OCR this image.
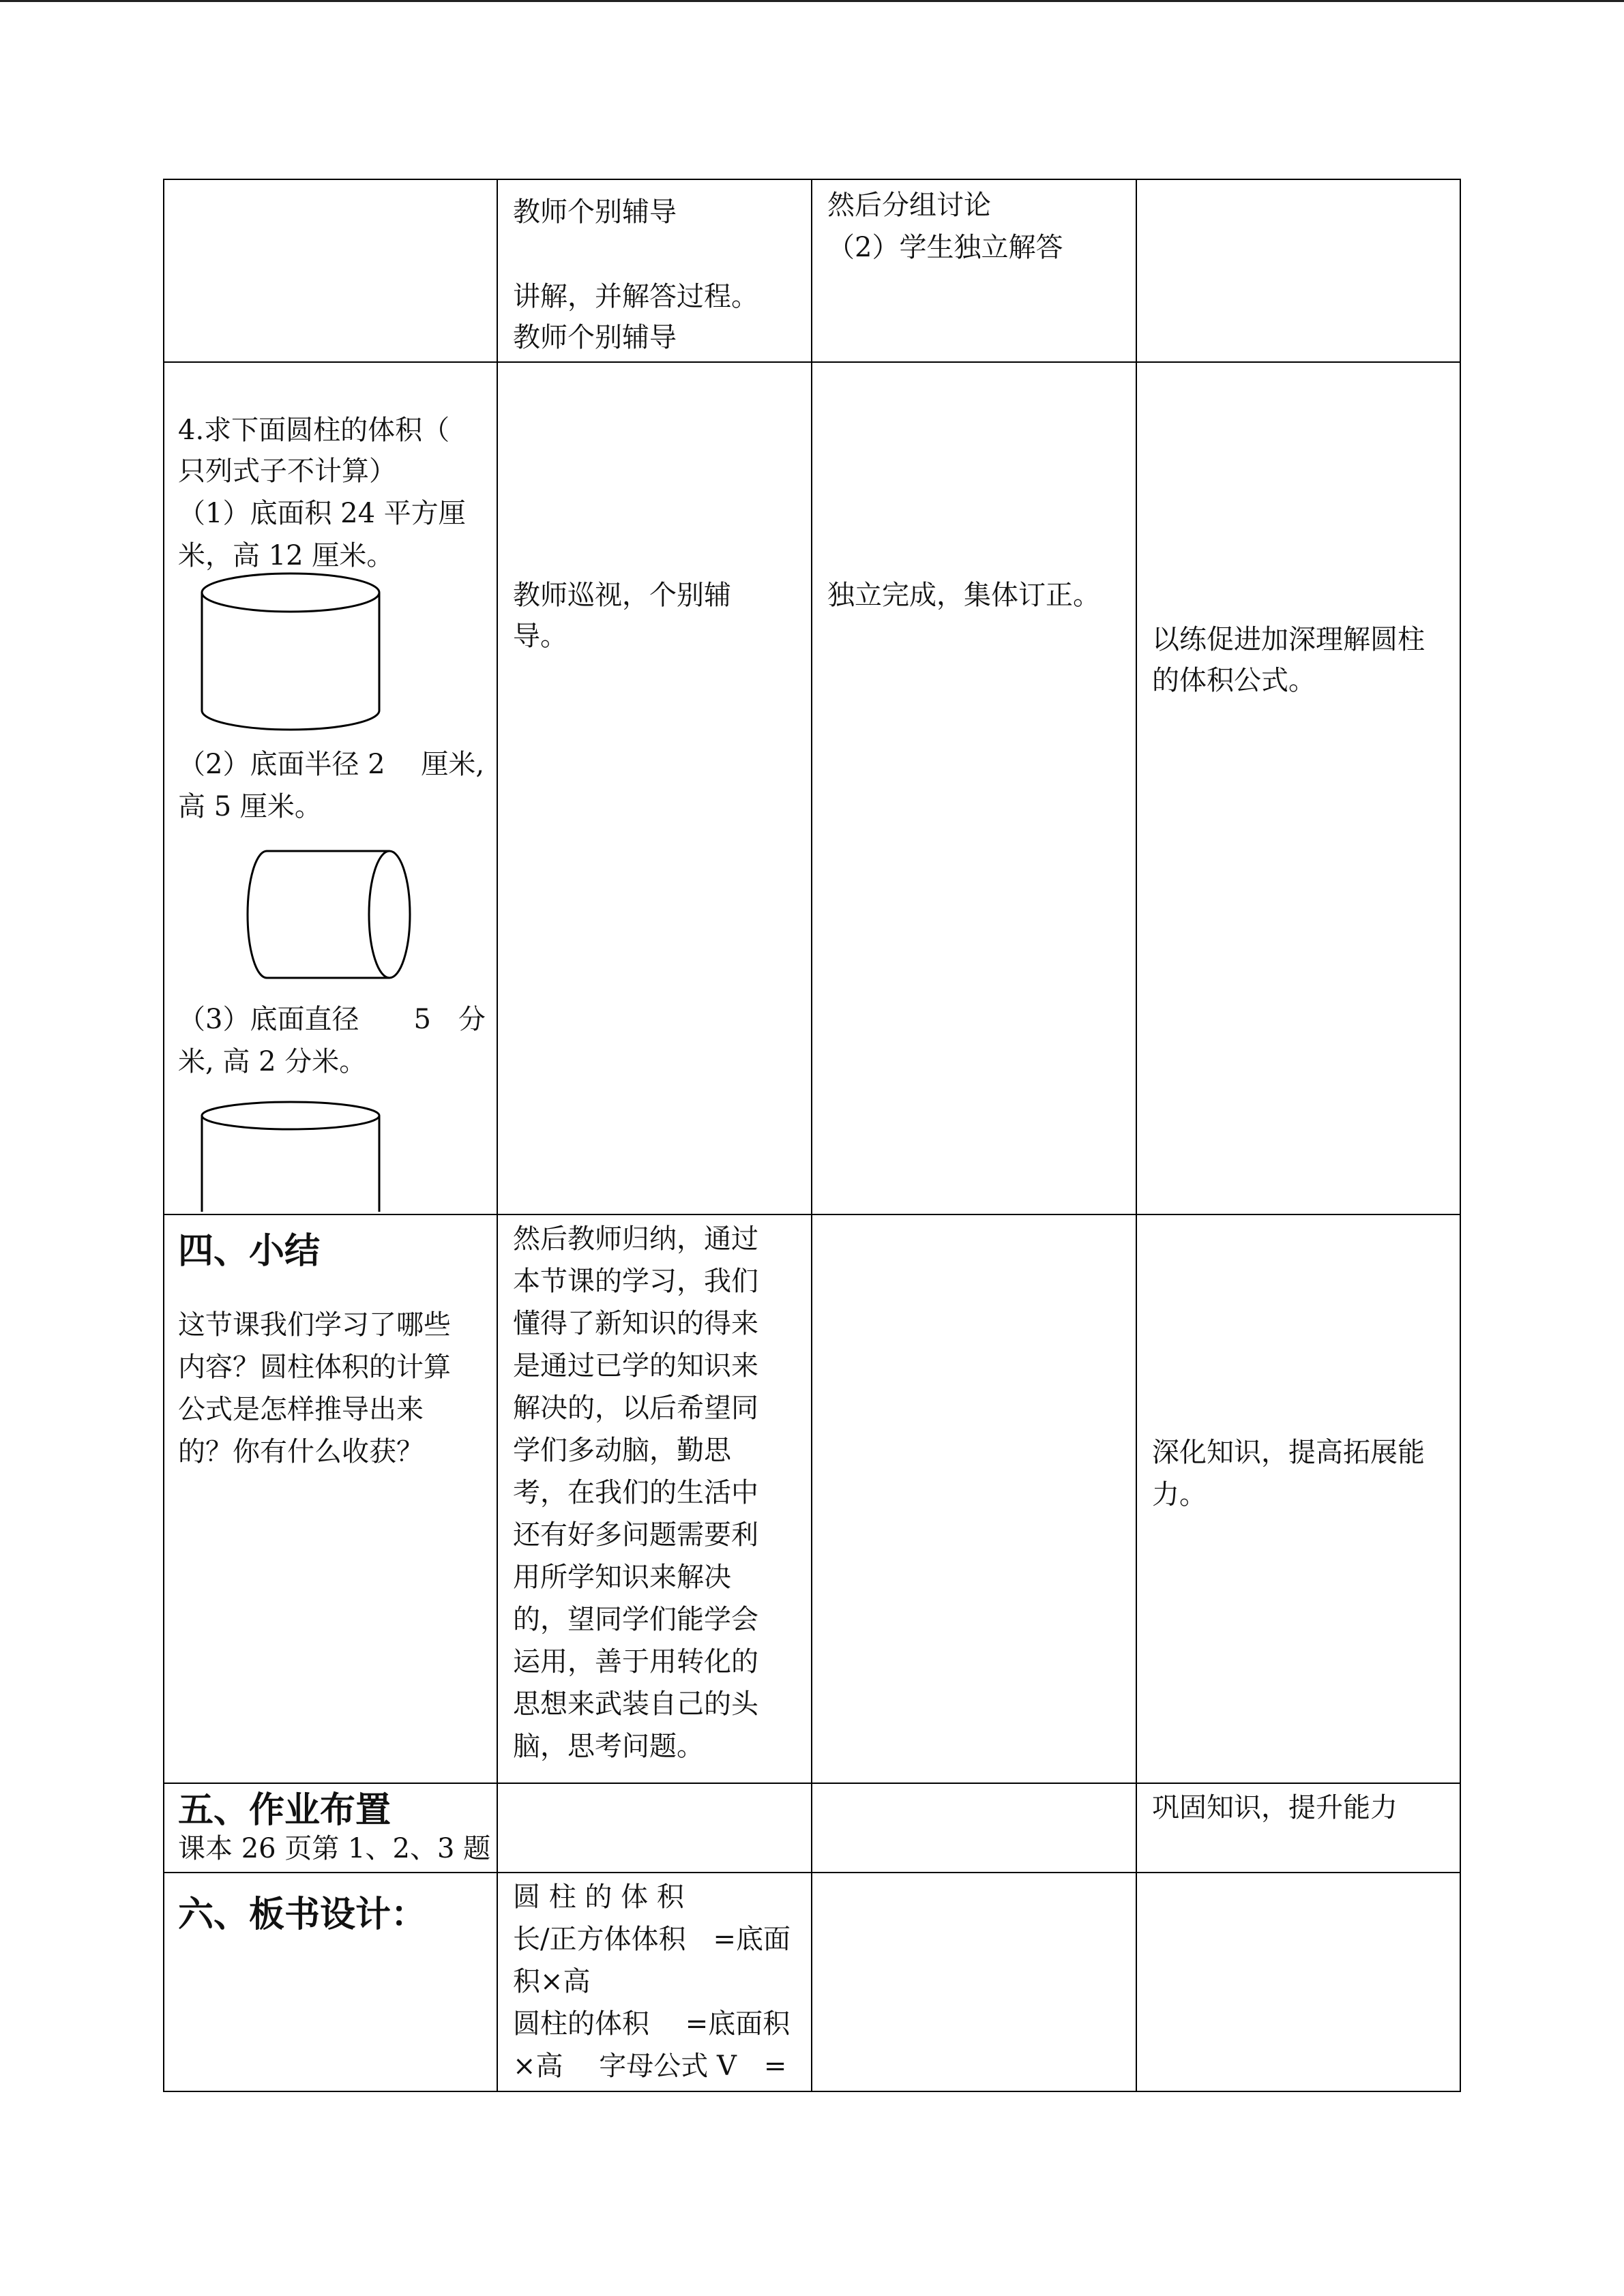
教师个别辅导
讲解，并解答过程。
教师个别辅导
然后分组讨论
（2）学生独立解答
4.求下面圆柱的体积（
只列式子不计算）
（1）底面积 24 平方厘
米，高 12 厘米。
（2）底面半径 2　 厘米,
高 5 厘米。
（3）底面直径　　5　分
米, 高 2 分米。
教师巡视，个别辅
导。
独立完成，集体订正。
以练促进加深理解圆柱
的体积公式。
四、小结
这节课我们学习了哪些
内容？圆柱体积的计算
公式是怎样推导出来
的？你有什么收获？
然后教师归纳，通过
本节课的学习，我们
懂得了新知识的得来
是通过已学的知识来
解决的，以后希望同
学们多动脑，勤思
考，在我们的生活中
还有好多问题需要利
用所学知识来解决
的，望同学们能学会
运用，善于用转化的
思想来武装自己的头
脑，思考问题。
深化知识，提高拓展能
力。
五、作业布置
课本 26 页第 1、2、3 题
巩固知识，提升能力
六、板书设计：	圆 柱 的 体 积
长/正方体体积　=底面
积×高
圆柱的体积　 =底面积
×高　 字母公式 V　=
